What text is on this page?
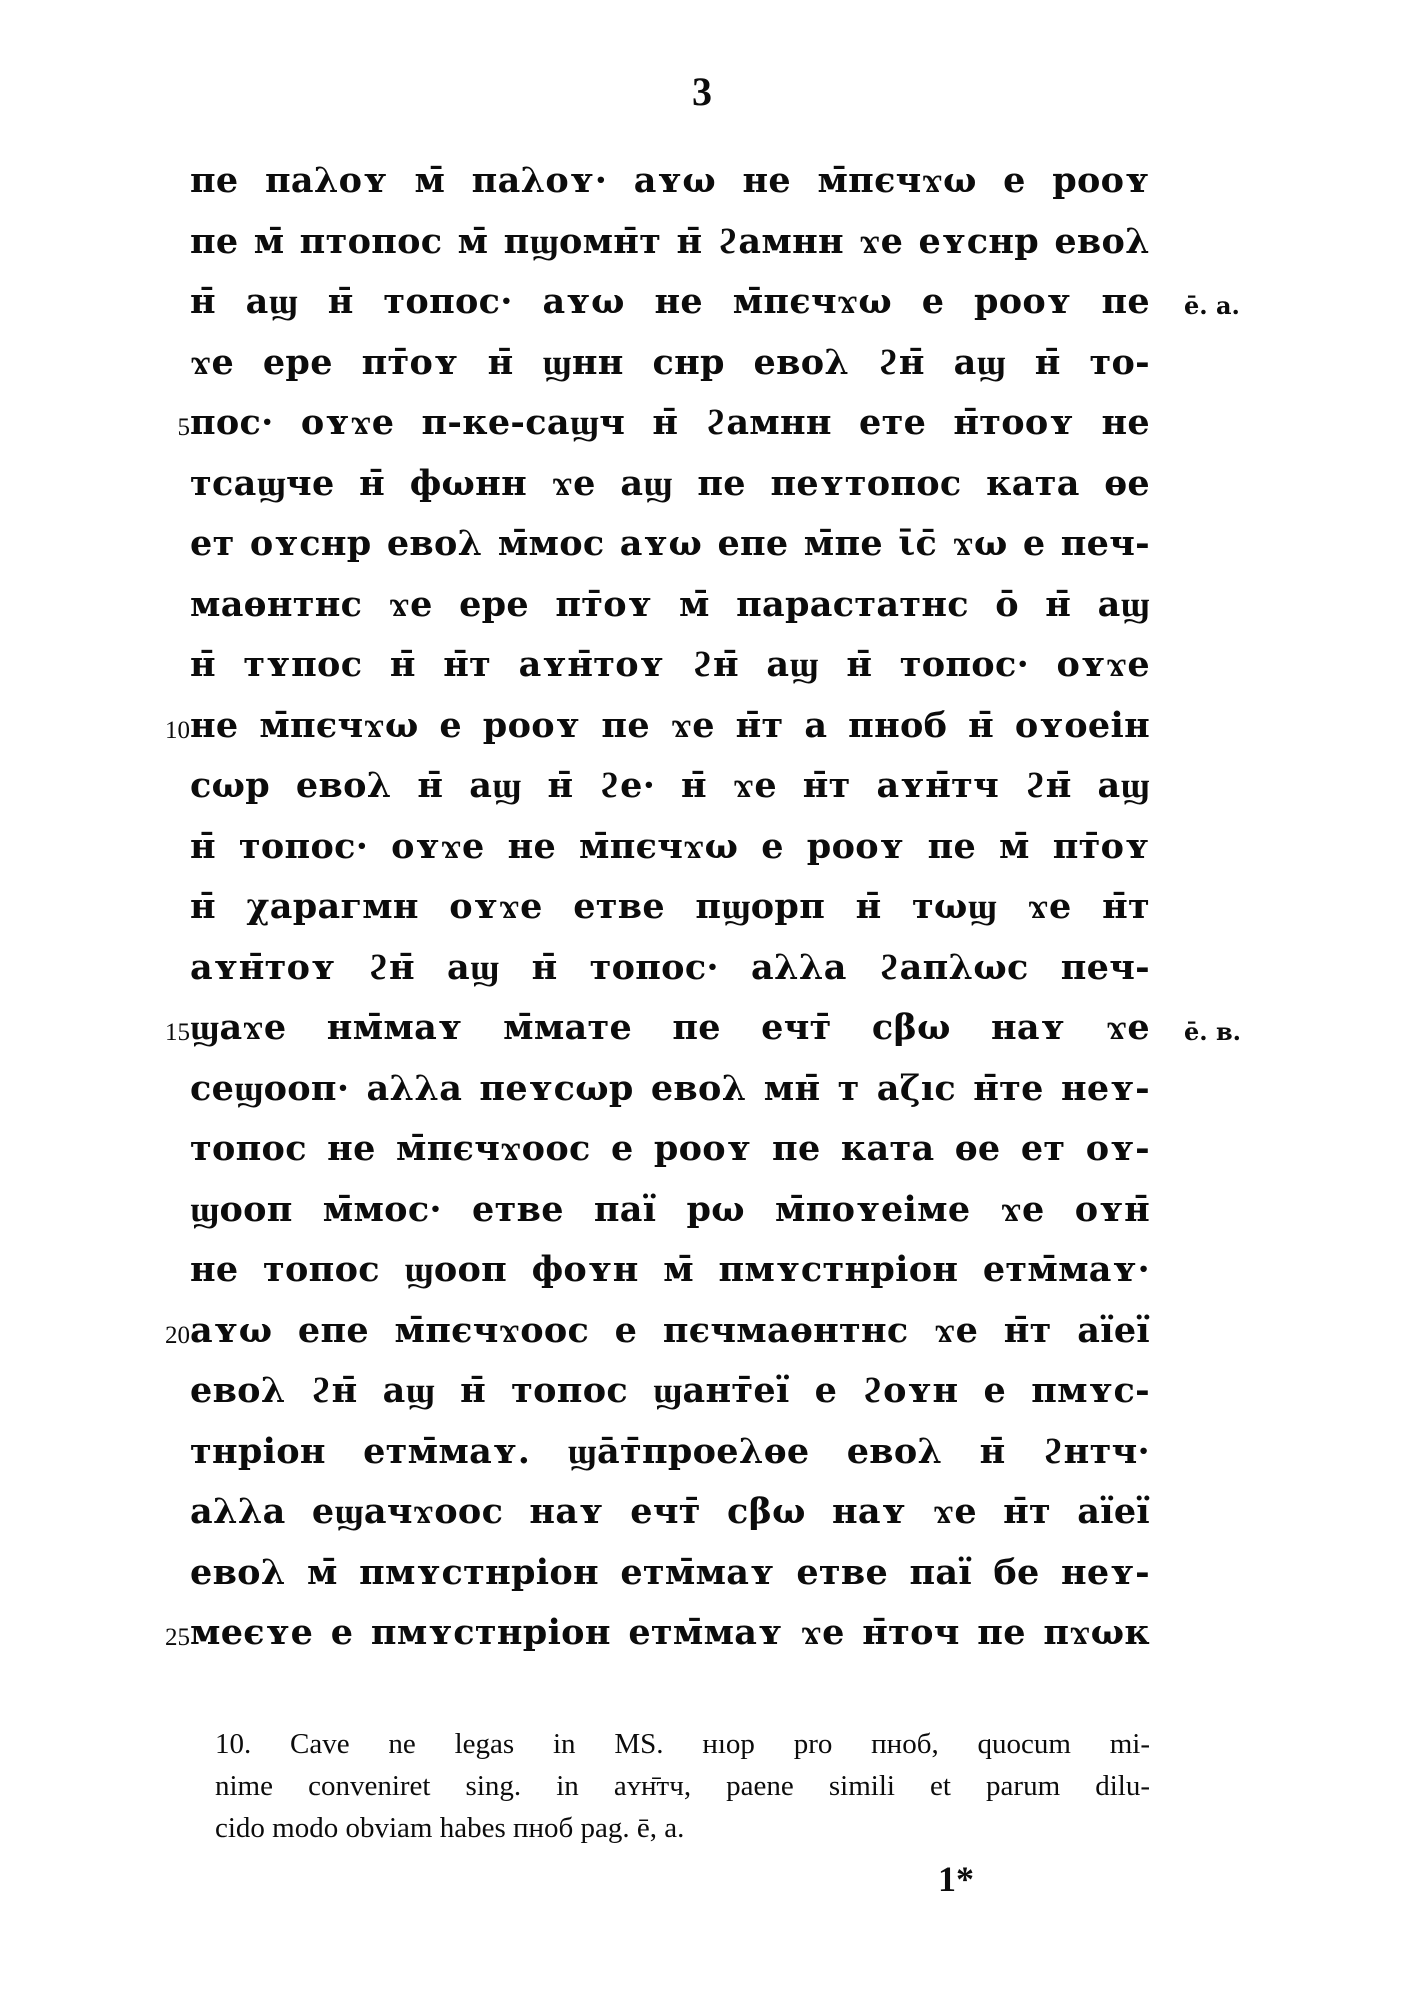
3
пе паλоʏ м̄ паλоʏ· аʏω не м̄пєчϫω е рооʏ
пе м̄ птопос м̄ пϣомн̄т н̄ ϩамнн ϫе еʏснр евоλ
н̄ аϣ н̄ топос· аʏω не м̄пєчϫω е рооʏ пе ē. а.
ϫе ере пт̄оʏ н̄ ϣнн снр евоλ ϩн̄ аϣ н̄ то-
5 пос· оʏϫе п-ке-саϣч н̄ ϩамнн ете н̄тооʏ не
тсаϣче н̄ фωнн ϫе аϣ пе пеʏтопос ката ѳе
ет оʏснр евоλ м̄мос аʏω епе м̄пе ῑс̄ ϫω е печ-
маѳнтнс ϫе ере пт̄оʏ м̄ парастатнс о̄ н̄ аϣ
н̄ тʏпос н̄ н̄т аʏн̄тоʏ ϩн̄ аϣ н̄ топос· оʏϫе
10 не м̄пєчϫω е рооʏ пе ϫе н̄т а пноб н̄ оʏоеін
сωр евоλ н̄ аϣ н̄ ϩе· н̄ ϫе н̄т аʏн̄тч ϩн̄ аϣ
н̄ топос· оʏϫе не м̄пєчϫω е рооʏ пе м̄ пт̄оʏ
н̄ χарагмн оʏϫе етве пϣорп н̄ тωϣ ϫе н̄т
аʏн̄тоʏ ϩн̄ аϣ н̄ топос· аλλа ϩапλωс печ-
15 ϣаϫе нм̄маʏ м̄мате пе ечт̄ сβω наʏ ϫе ē. в.
сеϣооп· аλλа пеʏсωр евоλ мн̄ т аζıс н̄те неʏ-
топос не м̄пєчϫоос е рооʏ пе ката ѳе ет оʏ-
ϣооп м̄мос· етве паї рω м̄поʏеіме ϫе оʏн̄
не топос ϣооп фоʏн м̄ пмʏстнріон етм̄маʏ·
20 аʏω епе м̄пєчϫоос е пєчмаѳнтнс ϫе н̄т аїеї
евоλ ϩн̄ аϣ н̄ топос ϣант̄еї е ϩоʏн е пмʏс-
тнріон етм̄маʏ. ϣа̄т̄проеλѳе евоλ н̄ ϩнтч·
аλλа еϣачϫоос наʏ ечт̄ сβω наʏ ϫе н̄т аїеї
евоλ м̄ пмʏстнріон етм̄маʏ етве паї бе неʏ-
25 меєʏе е пмʏстнріон етм̄маʏ ϫе н̄точ пе пϫωк
10. Cave ne legas in MS. нıор pro пноб, quocum mi-
nime conveniret sing. in аʏн̄тч, paene simili et parum dilu-
cido modo obviam habes пноб pag. ē, а.
1*
